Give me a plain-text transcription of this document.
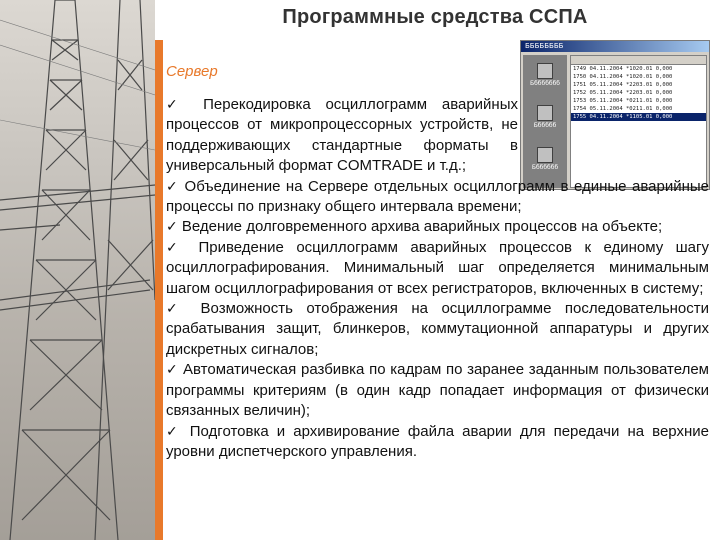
Программные средства ССПА
Сервер
ББББББББ
Бббббббб
Бббббб
Ббббббб
1749 04.11.2004 *1020.01 0,000
1750 04.11.2004 *1020.01 0,000
1751 05.11.2004 *2203.01 0,000
1752 05.11.2004 *2203.01 0,000
1753 05.11.2004 *0211.01 0,000
1754 05.11.2004 *0211.01 0,000
1755 04.11.2004 *1105.01 0,000

✓ Перекодировка осциллограмм аварийных процессов от микропроцессорных устройств, не поддерживающих стандартные форматы в универсальный формат COMTRADE и т.д.;

✓ Объединение на Сервере отдельных осциллограмм в единые аварийные процессы по признаку общего интервала времени;

✓ Ведение долговременного архива аварийных процессов на объекте;

✓ Приведение осциллограмм аварийных процессов к единому шагу осциллографирования. Минимальный шаг определяется минимальным шагом осциллографирования от всех регистраторов, включенных в систему;

✓ Возможность отображения на осциллограмме последовательности срабатывания защит, блинкеров, коммутационной аппаратуры и других дискретных сигналов;

✓ Автоматическая разбивка по кадрам по заранее заданным пользователем программы критериям (в один кадр попадает информация от физически связанных величин);

✓ Подготовка и архивирование файла аварии для передачи на верхние уровни диспетчерского управления.
